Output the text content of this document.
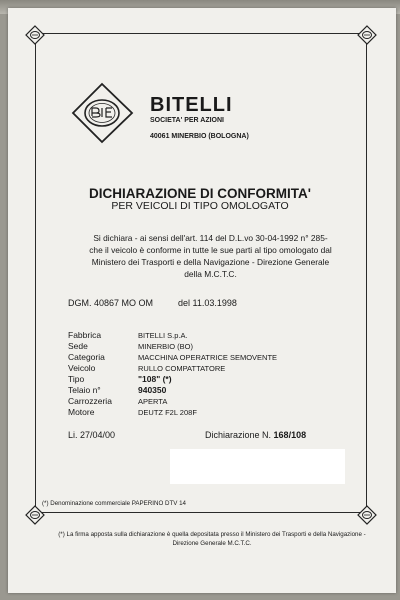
BITELLI
SOCIETA' PER AZIONI
40061 MINERBIO (BOLOGNA)
DICHIARAZIONE DI CONFORMITA'
PER VEICOLI DI TIPO OMOLOGATO
Si dichiara - ai sensi dell'art. 114 del D.L.vo 30-04-1992 n° 285-
che il veicolo è conforme in tutte le sue parti al tipo omologato dal
Ministero dei Trasporti e della Navigazione - Direzione Generale
della M.C.T.C.
DGM. 40867 MO OM	del 11.03.1998
Fabbrica	BITELLI S.p.A.
Sede	MINERBIO (BO)
Categoria	MACCHINA OPERATRICE SEMOVENTE
Veicolo	RULLO COMPATTATORE
Tipo	"108" (*)
Telaio n°	940350
Carrozzeria	APERTA
Motore	DEUTZ F2L 208F
Li. 27/04/00	Dichiarazione N. 168/108
(*) Denominazione commerciale PAPERINO DTV 14
(*) La firma apposta sulla dichiarazione è quella depositata presso il Ministero dei Trasporti e della Navigazione - Direzione Generale M.C.T.C.
